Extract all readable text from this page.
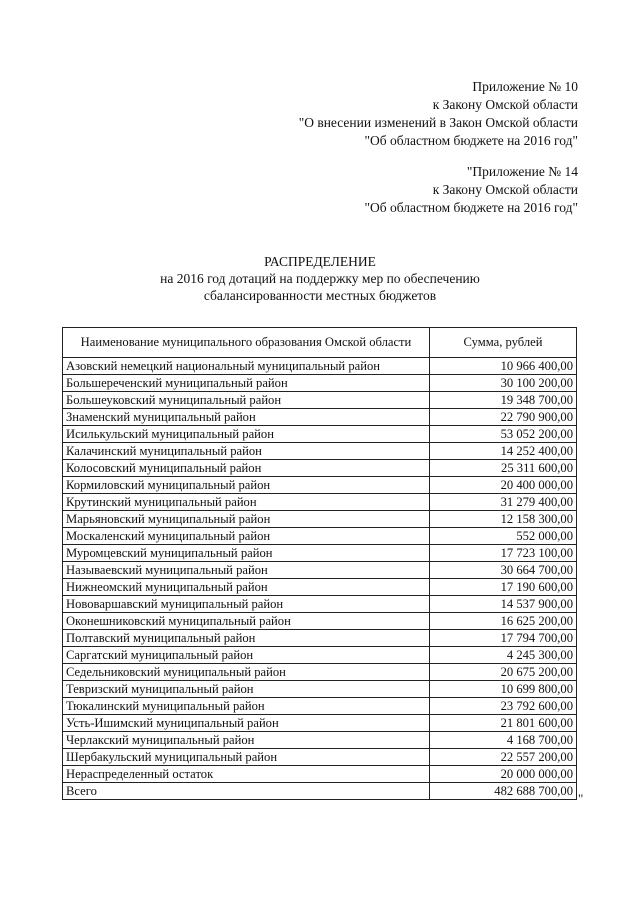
Приложение № 10
к Закону Омской области
"О внесении изменений в Закон Омской области
"Об областном бюджете на 2016 год"
"Приложение № 14
к Закону Омской области
"Об областном бюджете на 2016 год"
РАСПРЕДЕЛЕНИЕ
на 2016 год дотаций на поддержку мер по обеспечению
сбалансированности местных бюджетов
Наименование муниципального образования Омской области	Сумма, рублей
Азовский немецкий национальный муниципальный район	10 966 400,00
Большереченский муниципальный район	30 100 200,00
Большеуковский муниципальный район	19 348 700,00
Знаменский муниципальный район	22 790 900,00
Исилькульский муниципальный район	53 052 200,00
Калачинский муниципальный район	14 252 400,00
Колосовский муниципальный район	25 311 600,00
Кормиловский муниципальный район	20 400 000,00
Крутинский муниципальный район	31 279 400,00
Марьяновский муниципальный район	12 158 300,00
Москаленский муниципальный район	552 000,00
Муромцевский муниципальный район	17 723 100,00
Называевский муниципальный район	30 664 700,00
Нижнеомский муниципальный район	17 190 600,00
Нововаршавский муниципальный район	14 537 900,00
Оконешниковский муниципальный район	16 625 200,00
Полтавский муниципальный район	17 794 700,00
Саргатский муниципальный район	4 245 300,00
Седельниковский муниципальный район	20 675 200,00
Тевризский муниципальный район	10 699 800,00
Тюкалинский муниципальный район	23 792 600,00
Усть-Ишимский муниципальный район	21 801 600,00
Черлакский муниципальный район	4 168 700,00
Шербакульский муниципальный район	22 557 200,00
Нераспределенный остаток	20 000 000,00
Всего	482 688 700,00 "
